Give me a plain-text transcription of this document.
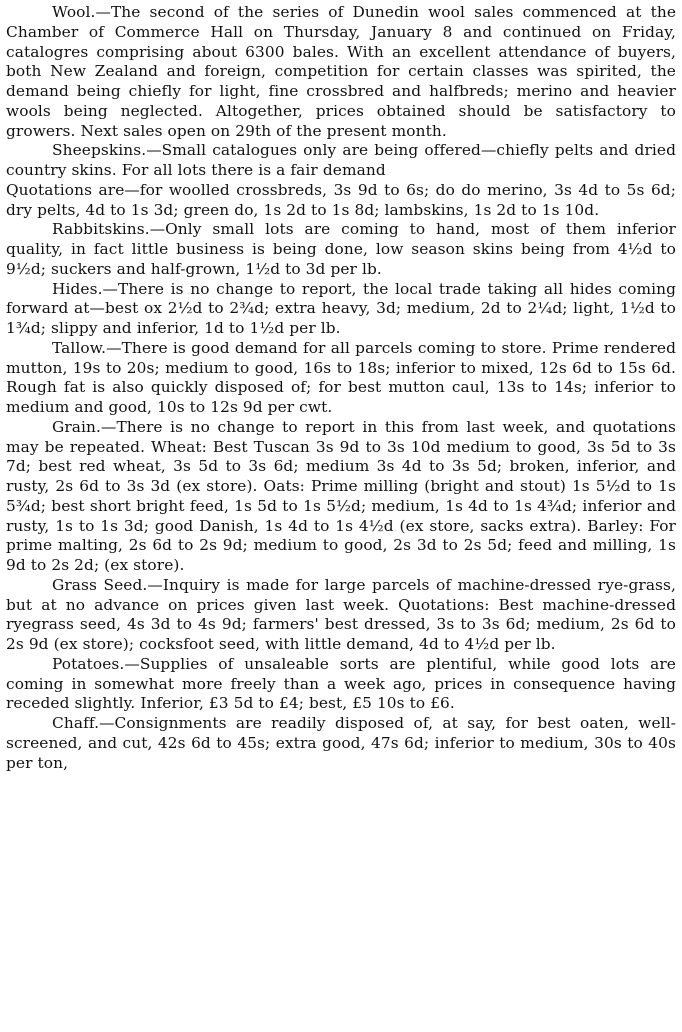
Wool.—The second of the series of Dunedin wool sales commenced at the Chamber of Commerce Hall on Thursday, January 8 and continued on Friday, catalogres comprising about 6300 bales. With an excellent attendance of buyers, both New Zealand and foreign, competition for certain classes was spirited, the demand being chiefly for light, fine crossbred and halfbreds; merino and heavier wools being neglected. Altogether, prices obtained should be satisfactory to growers. Next sales open on 29th of the present month.

Sheepskins.—Small catalogues only are being offered—chiefly pelts and dried country skins. For all lots there is a fair demand

Quotations are—for woolled crossbreds, 3s 9d to 6s; do do merino, 3s 4d to 5s 6d; dry pelts, 4d to 1s 3d; green do, 1s 2d to 1s 8d; lambskins, 1s 2d to 1s 10d.

Rabbitskins.—Only small lots are coming to hand, most of them inferior quality, in fact little business is being done, low season skins being from 4½d to 9½d; suckers and half-grown, 1½d to 3d per lb.

Hides.—There is no change to report, the local trade taking all hides coming forward at—best ox 2½d to 2¾d; extra heavy, 3d; medium, 2d to 2¼d; light, 1½d to 1¾d; slippy and inferior, 1d to 1½d per lb.

Tallow.—There is good demand for all parcels coming to store. Prime rendered mutton, 19s to 20s; medium to good, 16s to 18s; inferior to mixed, 12s 6d to 15s 6d. Rough fat is also quickly disposed of; for best mutton caul, 13s to 14s; inferior to medium and good, 10s to 12s 9d per cwt.

Grain.—There is no change to report in this from last week, and quotations may be repeated. Wheat: Best Tuscan 3s 9d to 3s 10d medium to good, 3s 5d to 3s 7d; best red wheat, 3s 5d to 3s 6d; medium 3s 4d to 3s 5d; broken, inferior, and rusty, 2s 6d to 3s 3d (ex store). Oats: Prime milling (bright and stout) 1s 5½d to 1s 5¾d; best short bright feed, 1s 5d to 1s 5½d; medium, 1s 4d to 1s 4¾d; inferior and rusty, 1s to 1s 3d; good Danish, 1s 4d to 1s 4½d (ex store, sacks extra). Barley: For prime malting, 2s 6d to 2s 9d; medium to good, 2s 3d to 2s 5d; feed and milling, 1s 9d to 2s 2d; (ex store).

Grass Seed.—Inquiry is made for large parcels of machine-dressed rye-grass, but at no advance on prices given last week. Quotations: Best machine-dressed ryegrass seed, 4s 3d to 4s 9d; farmers' best dressed, 3s to 3s 6d; medium, 2s 6d to 2s 9d (ex store); cocksfoot seed, with little demand, 4d to 4½d per lb.

Potatoes.—Supplies of unsaleable sorts are plentiful, while good lots are coming in somewhat more freely than a week ago, prices in consequence having receded slightly. Inferior, £3 5d to £4; best, £5 10s to £6.

Chaff.—Consignments are readily disposed of, at say, for best oaten, well-screened, and cut, 42s 6d to 45s; extra good, 47s 6d; inferior to medium, 30s to 40s per ton,
